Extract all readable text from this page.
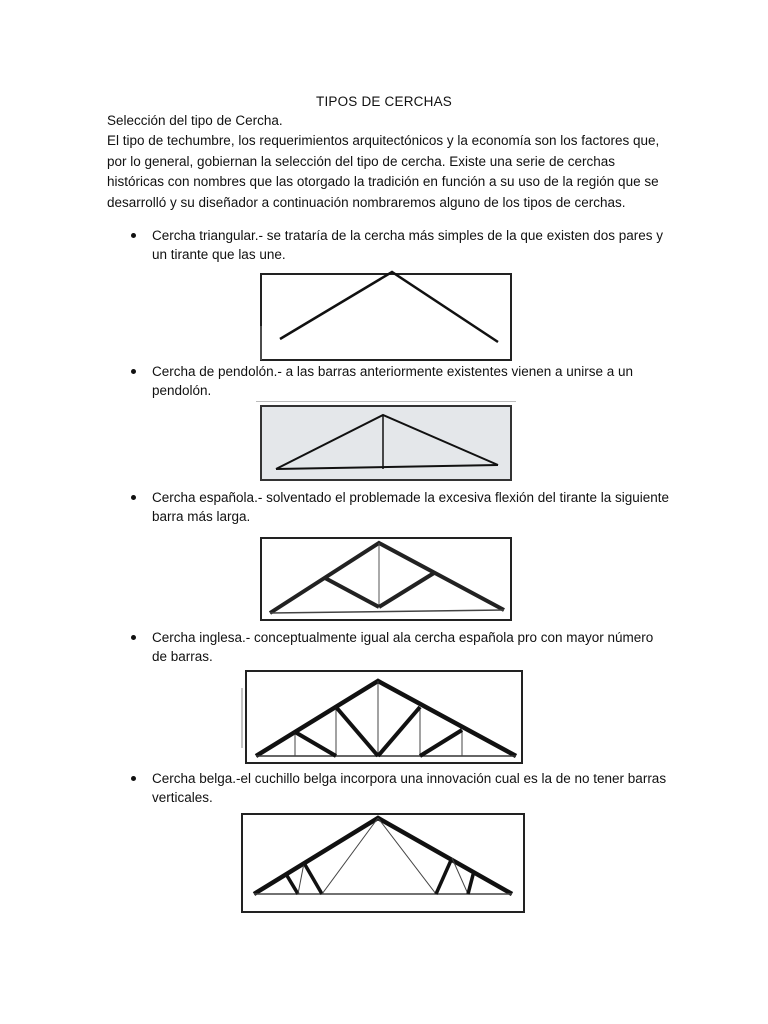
TIPOS DE CERCHAS

Selección del tipo de Cercha.

El tipo de techumbre, los requerimientos arquitectónicos y la economía son los factores que, por lo general, gobiernan la selección del tipo de cercha. Existe una serie de cerchas históricas con nombres que las otorgado la tradición en función a su uso de la región que se desarrolló y su diseñador a continuación nombraremos alguno de los tipos de cerchas.

Cercha triangular.- se trataría de la cercha más simples de la que existen dos pares y un tirante que las une.
Cercha de pendolón.- a las barras anteriormente existentes vienen a unirse a un pendolón.
Cercha española.- solventado el problemade la excesiva flexión del tirante la siguiente barra más larga.
Cercha inglesa.- conceptualmente igual ala cercha española pro con mayor número de barras.
Cercha belga.-el cuchillo belga incorpora una innovación cual es la de no tener barras verticales.
